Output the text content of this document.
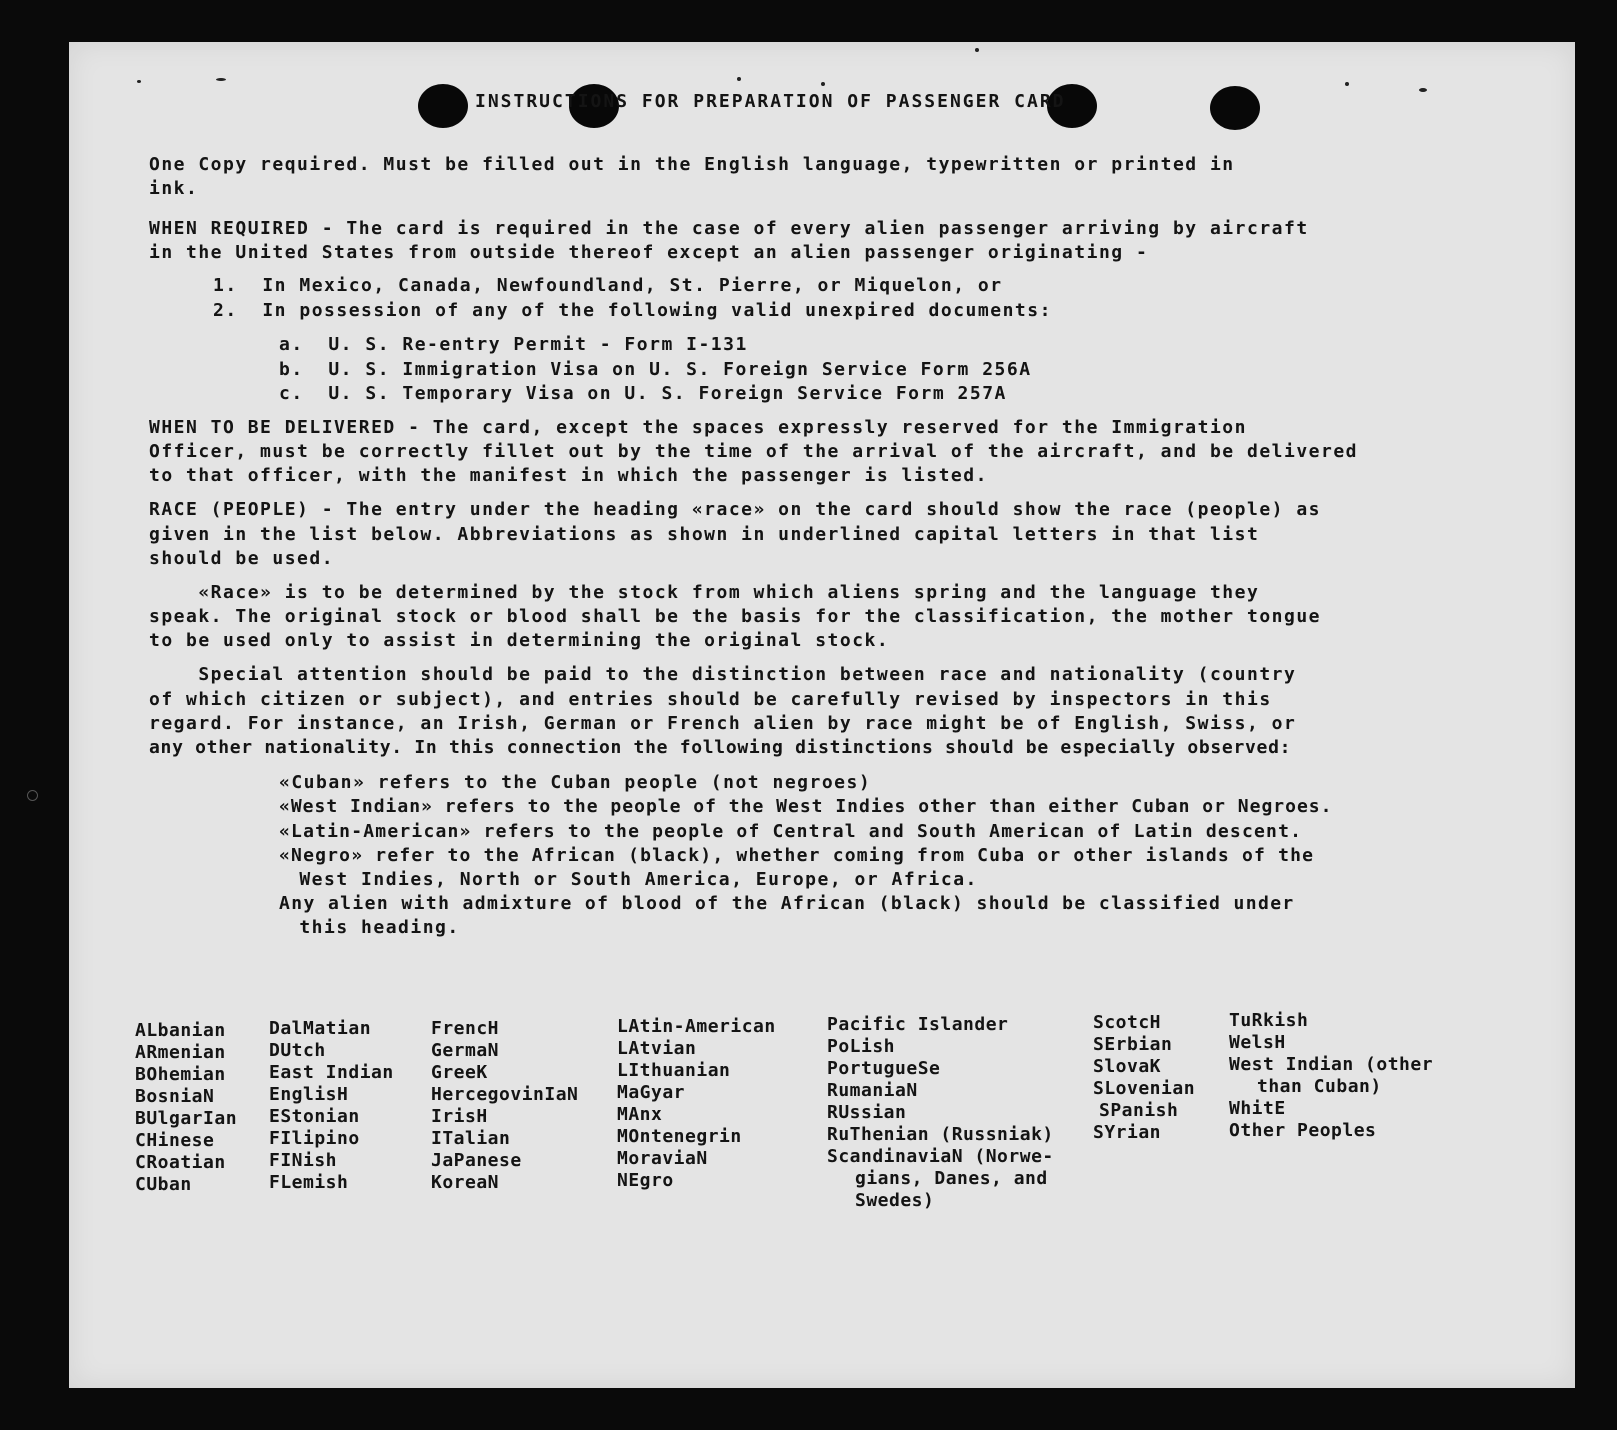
INSTRUCTIONS FOR PREPARATION OF PASSENGER CARD
One Copy required. Must be filled out in the English language, typewritten or printed in
ink.
WHEN REQUIRED - The card is required in the case of every alien passenger arriving by aircraft
in the United States from outside thereof except an alien passenger originating -
1.  In Mexico, Canada, Newfoundland, St. Pierre, or Miquelon, or
2.  In possession of any of the following valid unexpired documents:
a.  U. S. Re-entry Permit - Form I-131
b.  U. S. Immigration Visa on U. S. Foreign Service Form 256A
c.  U. S. Temporary Visa on U. S. Foreign Service Form 257A
WHEN TO BE DELIVERED - The card, except the spaces expressly reserved for the Immigration
Officer, must be correctly fillet out by the time of the arrival of the aircraft, and be delivered
to that officer, with the manifest in which the passenger is listed.
RACE (PEOPLE) - The entry under the heading «race» on the card should show the race (people) as
given in the list below. Abbreviations as shown in underlined capital letters in that list
should be used.
«Race» is to be determined by the stock from which aliens spring and the language they
speak. The original stock or blood shall be the basis for the classification, the mother tongue
to be used only to assist in determining the original stock.
Special attention should be paid to the distinction between race and nationality (country
of which citizen or subject), and entries should be carefully revised by inspectors in this
regard. For instance, an Irish, German or French alien by race might be of English, Swiss, or
any other nationality. In this connection the following distinctions should be especially observed:
«Cuban» refers to the Cuban people (not negroes)
«West Indian» refers to the people of the West Indies other than either Cuban or Negroes.
«Latin-American» refers to the people of Central and South American of Latin descent.
«Negro» refer to the African (black), whether coming from Cuba or other islands of the
West Indies, North or South America, Europe, or Africa.
Any alien with admixture of blood of the African (black) should be classified under
this heading.
ALbanian
ARmenian
BOhemian
BosniaN
BUlgarIan
CHinese
CRoatian
CUban
DalMatian
DUtch
East Indian
EnglisH
EStonian
FIlipino
FINish
FLemish
FrencH
GermaN
GreeK
HercegovinIaN
IrisH
ITalian
JaPanese
KoreaN
LAtin-American
LAtvian
LIthuanian
MaGyar
MAnx
MOntenegrin
MoraviaN
NEgro
Pacific Islander
PoLish
PortugueSe
RumaniaN
RUssian
RuThenian (Russniak)
ScandinaviaN (Norwe-
gians, Danes, and
Swedes)
ScotcH
SErbian
SlovaK
SLovenian
SPanish
SYrian
TuRkish
WelsH
West Indian (other
than Cuban)
WhitE
Other Peoples
